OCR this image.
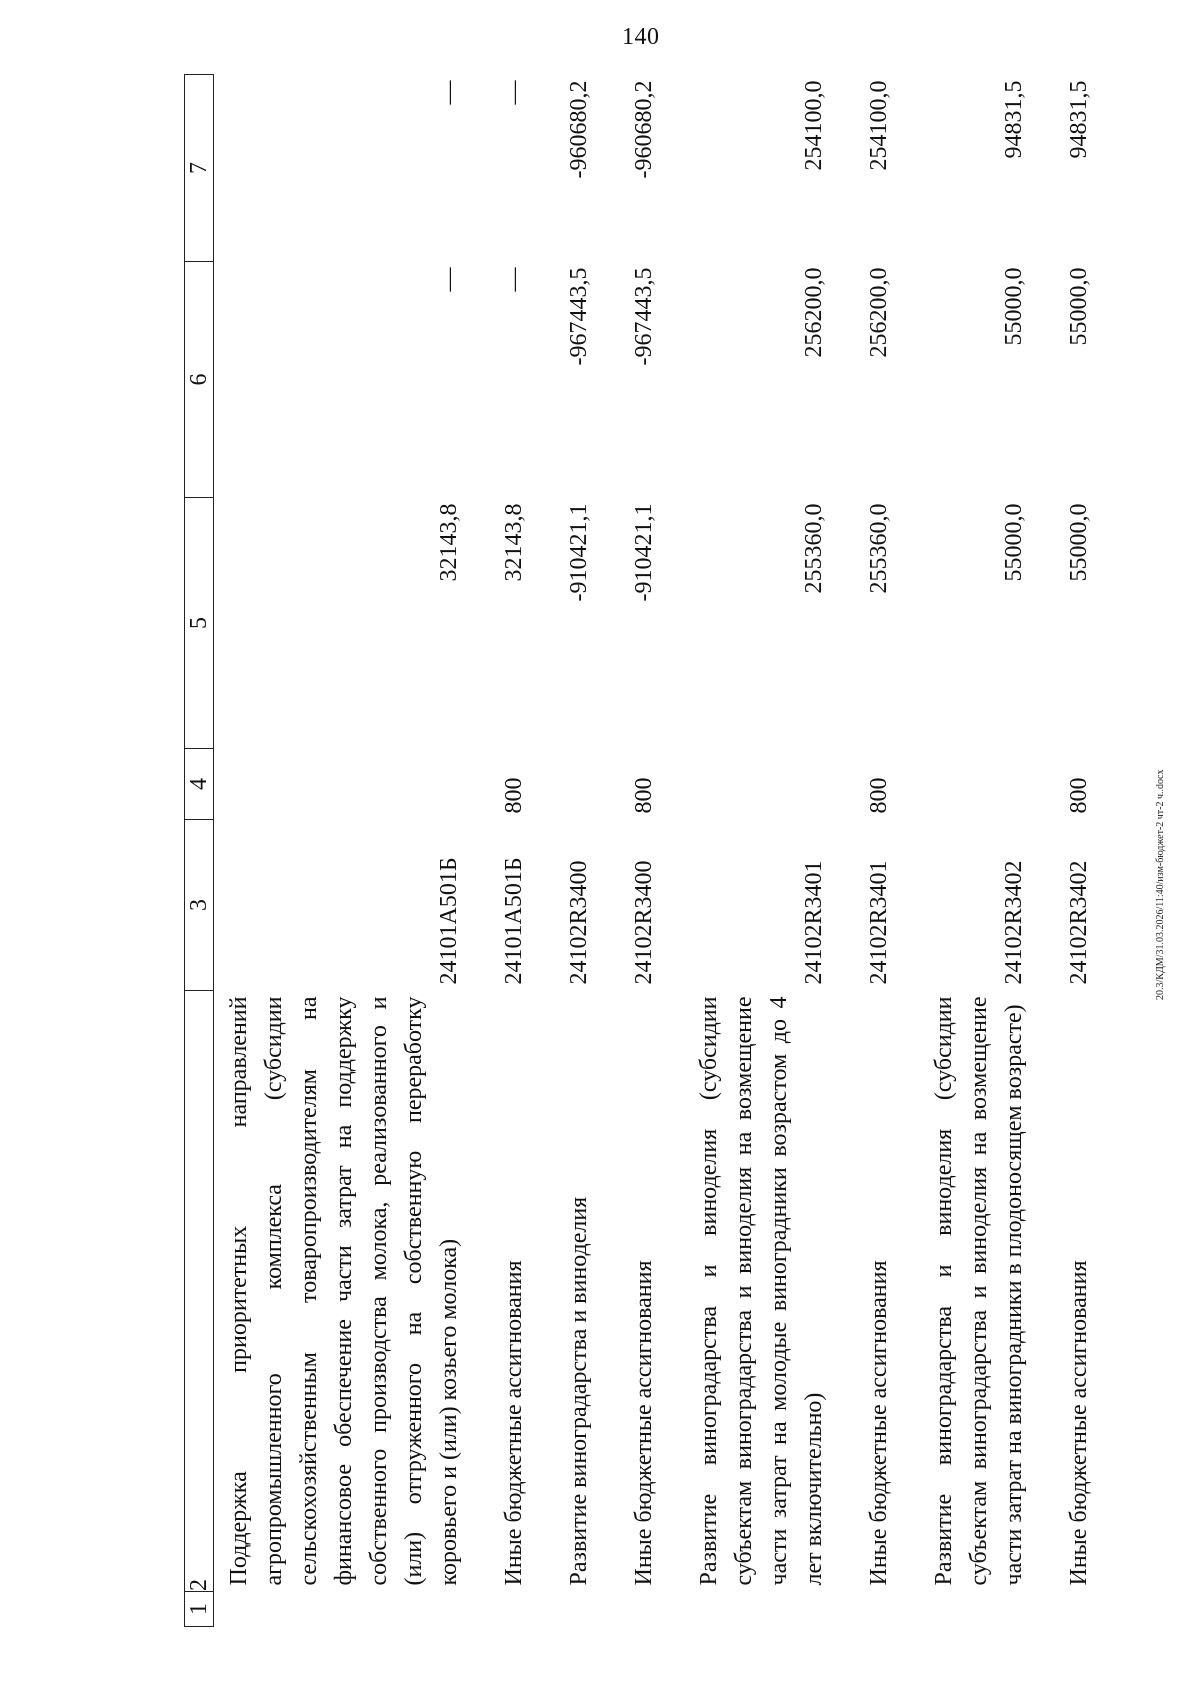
140
1	2	3	4	5	6	7
	Поддержка приоритетных направлений агропромышленного комплекса (субсидии сельскохозяйственным товаропроизводителям на финансовое обеспечение части затрат на поддержку собственного производства молока, реализованного и (или) отгруженного на собственную переработку коровьего и (или) козьего молока)	24101А501Б		32143,8	—	—
	Иные бюджетные ассигнования	24101А501Б	800	32143,8	—	—
	Развитие виноградарства и виноделия	24102R3400		-910421,1	-967443,5	-960680,2
	Иные бюджетные ассигнования	24102R3400	800	-910421,1	-967443,5	-960680,2
	Развитие виноградарства и виноделия (субсидии субъектам виноградарства и виноделия на возмещение части затрат на молодые виноградники возрастом до 4 лет включительно)	24102R3401		255360,0	256200,0	254100,0
	Иные бюджетные ассигнования	24102R3401	800	255360,0	256200,0	254100,0
	Развитие виноградарства и виноделия (субсидии субъектам виноградарства и виноделия на возмещение части затрат на виноградники в плодоносящем возрасте)	24102R3402		55000,0	55000,0	94831,5
	Иные бюджетные ассигнования	24102R3402	800	55000,0	55000,0	94831,5
20.3/КДМ/31.03.2026/11:40/изм-бюджет-2 чт-2 ч..docx
